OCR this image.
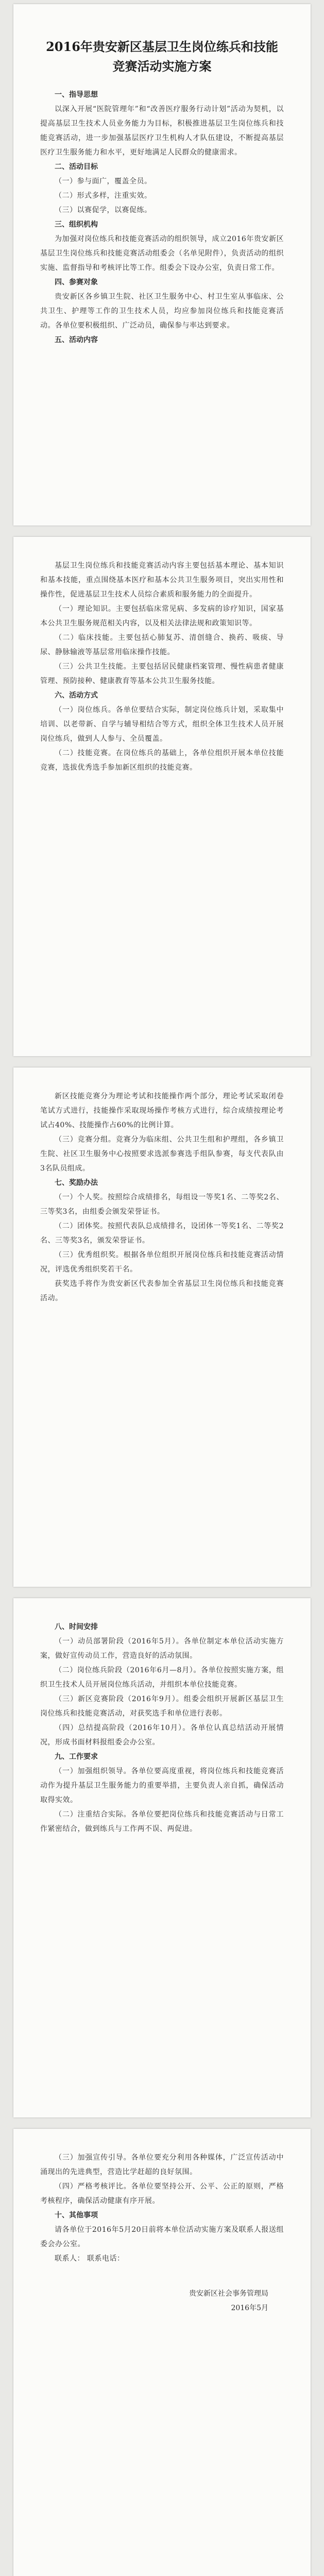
2016年贵安新区基层卫生岗位练兵和技能竞赛活动实施方案
一、指导思想

以深入开展“医院管理年”和“改善医疗服务行动计划”活动为契机，以提高基层卫生技术人员业务能力为目标，积极推进基层卫生岗位练兵和技能竞赛活动，进一步加强基层医疗卫生机构人才队伍建设，不断提高基层医疗卫生服务能力和水平，更好地满足人民群众的健康需求。

二、活动目标

（一）参与面广，覆盖全员。

（二）形式多样，注重实效。

（三）以赛促学，以赛促练。

三、组织机构

为加强对岗位练兵和技能竞赛活动的组织领导，成立2016年贵安新区基层卫生岗位练兵和技能竞赛活动组委会（名单见附件），负责活动的组织实施、监督指导和考核评比等工作。组委会下设办公室，负责日常工作。

四、参赛对象

贵安新区各乡镇卫生院、社区卫生服务中心、村卫生室从事临床、公共卫生、护理等工作的卫生技术人员，均应参加岗位练兵和技能竞赛活动。各单位要积极组织、广泛动员，确保参与率达到要求。

五、活动内容

基层卫生岗位练兵和技能竞赛活动内容主要包括基本理论、基本知识和基本技能，重点围绕基本医疗和基本公共卫生服务项目，突出实用性和操作性，促进基层卫生技术人员综合素质和服务能力的全面提升。

（一）理论知识。主要包括临床常见病、多发病的诊疗知识，国家基本公共卫生服务规范相关内容，以及相关法律法规和政策知识等。

（二）临床技能。主要包括心肺复苏、清创缝合、换药、吸痰、导尿、静脉输液等基层常用临床操作技能。

（三）公共卫生技能。主要包括居民健康档案管理、慢性病患者健康管理、预防接种、健康教育等基本公共卫生服务技能。

六、活动方式

（一）岗位练兵。各单位要结合实际，制定岗位练兵计划，采取集中培训、以老带新、自学与辅导相结合等方式，组织全体卫生技术人员开展岗位练兵，做到人人参与、全员覆盖。

（二）技能竞赛。在岗位练兵的基础上，各单位组织开展本单位技能竞赛，选拔优秀选手参加新区组织的技能竞赛。

新区技能竞赛分为理论考试和技能操作两个部分，理论考试采取闭卷笔试方式进行，技能操作采取现场操作考核方式进行，综合成绩按理论考试占40%、技能操作占60%的比例计算。

（三）竞赛分组。竞赛分为临床组、公共卫生组和护理组，各乡镇卫生院、社区卫生服务中心按照要求选派参赛选手组队参赛，每支代表队由3名队员组成。

七、奖励办法

（一）个人奖。按照综合成绩排名，每组设一等奖1名、二等奖2名、三等奖3名，由组委会颁发荣誉证书。

（二）团体奖。按照代表队总成绩排名，设团体一等奖1名、二等奖2名、三等奖3名，颁发荣誉证书。

（三）优秀组织奖。根据各单位组织开展岗位练兵和技能竞赛活动情况，评选优秀组织奖若干名。

获奖选手将作为贵安新区代表参加全省基层卫生岗位练兵和技能竞赛活动。

八、时间安排

（一）动员部署阶段（2016年5月）。各单位制定本单位活动实施方案，做好宣传动员工作，营造良好的活动氛围。

（二）岗位练兵阶段（2016年6月—8月）。各单位按照实施方案，组织卫生技术人员开展岗位练兵活动，并组织本单位技能竞赛。

（三）新区竞赛阶段（2016年9月）。组委会组织开展新区基层卫生岗位练兵和技能竞赛活动，对获奖选手和单位进行表彰。

（四）总结提高阶段（2016年10月）。各单位认真总结活动开展情况，形成书面材料报组委会办公室。

九、工作要求

（一）加强组织领导。各单位要高度重视，将岗位练兵和技能竞赛活动作为提升基层卫生服务能力的重要举措，主要负责人亲自抓，确保活动取得实效。

（二）注重结合实际。各单位要把岗位练兵和技能竞赛活动与日常工作紧密结合，做到练兵与工作两不误、两促进。

（三）加强宣传引导。各单位要充分利用各种媒体，广泛宣传活动中涌现出的先进典型，营造比学赶超的良好氛围。

（四）严格考核评比。各单位要坚持公开、公平、公正的原则，严格考核程序，确保活动健康有序开展。

十、其他事项

请各单位于2016年5月20日前将本单位活动实施方案及联系人报送组委会办公室。

联系人： 联系电话：

贵安新区社会事务管理局
2016年5月
